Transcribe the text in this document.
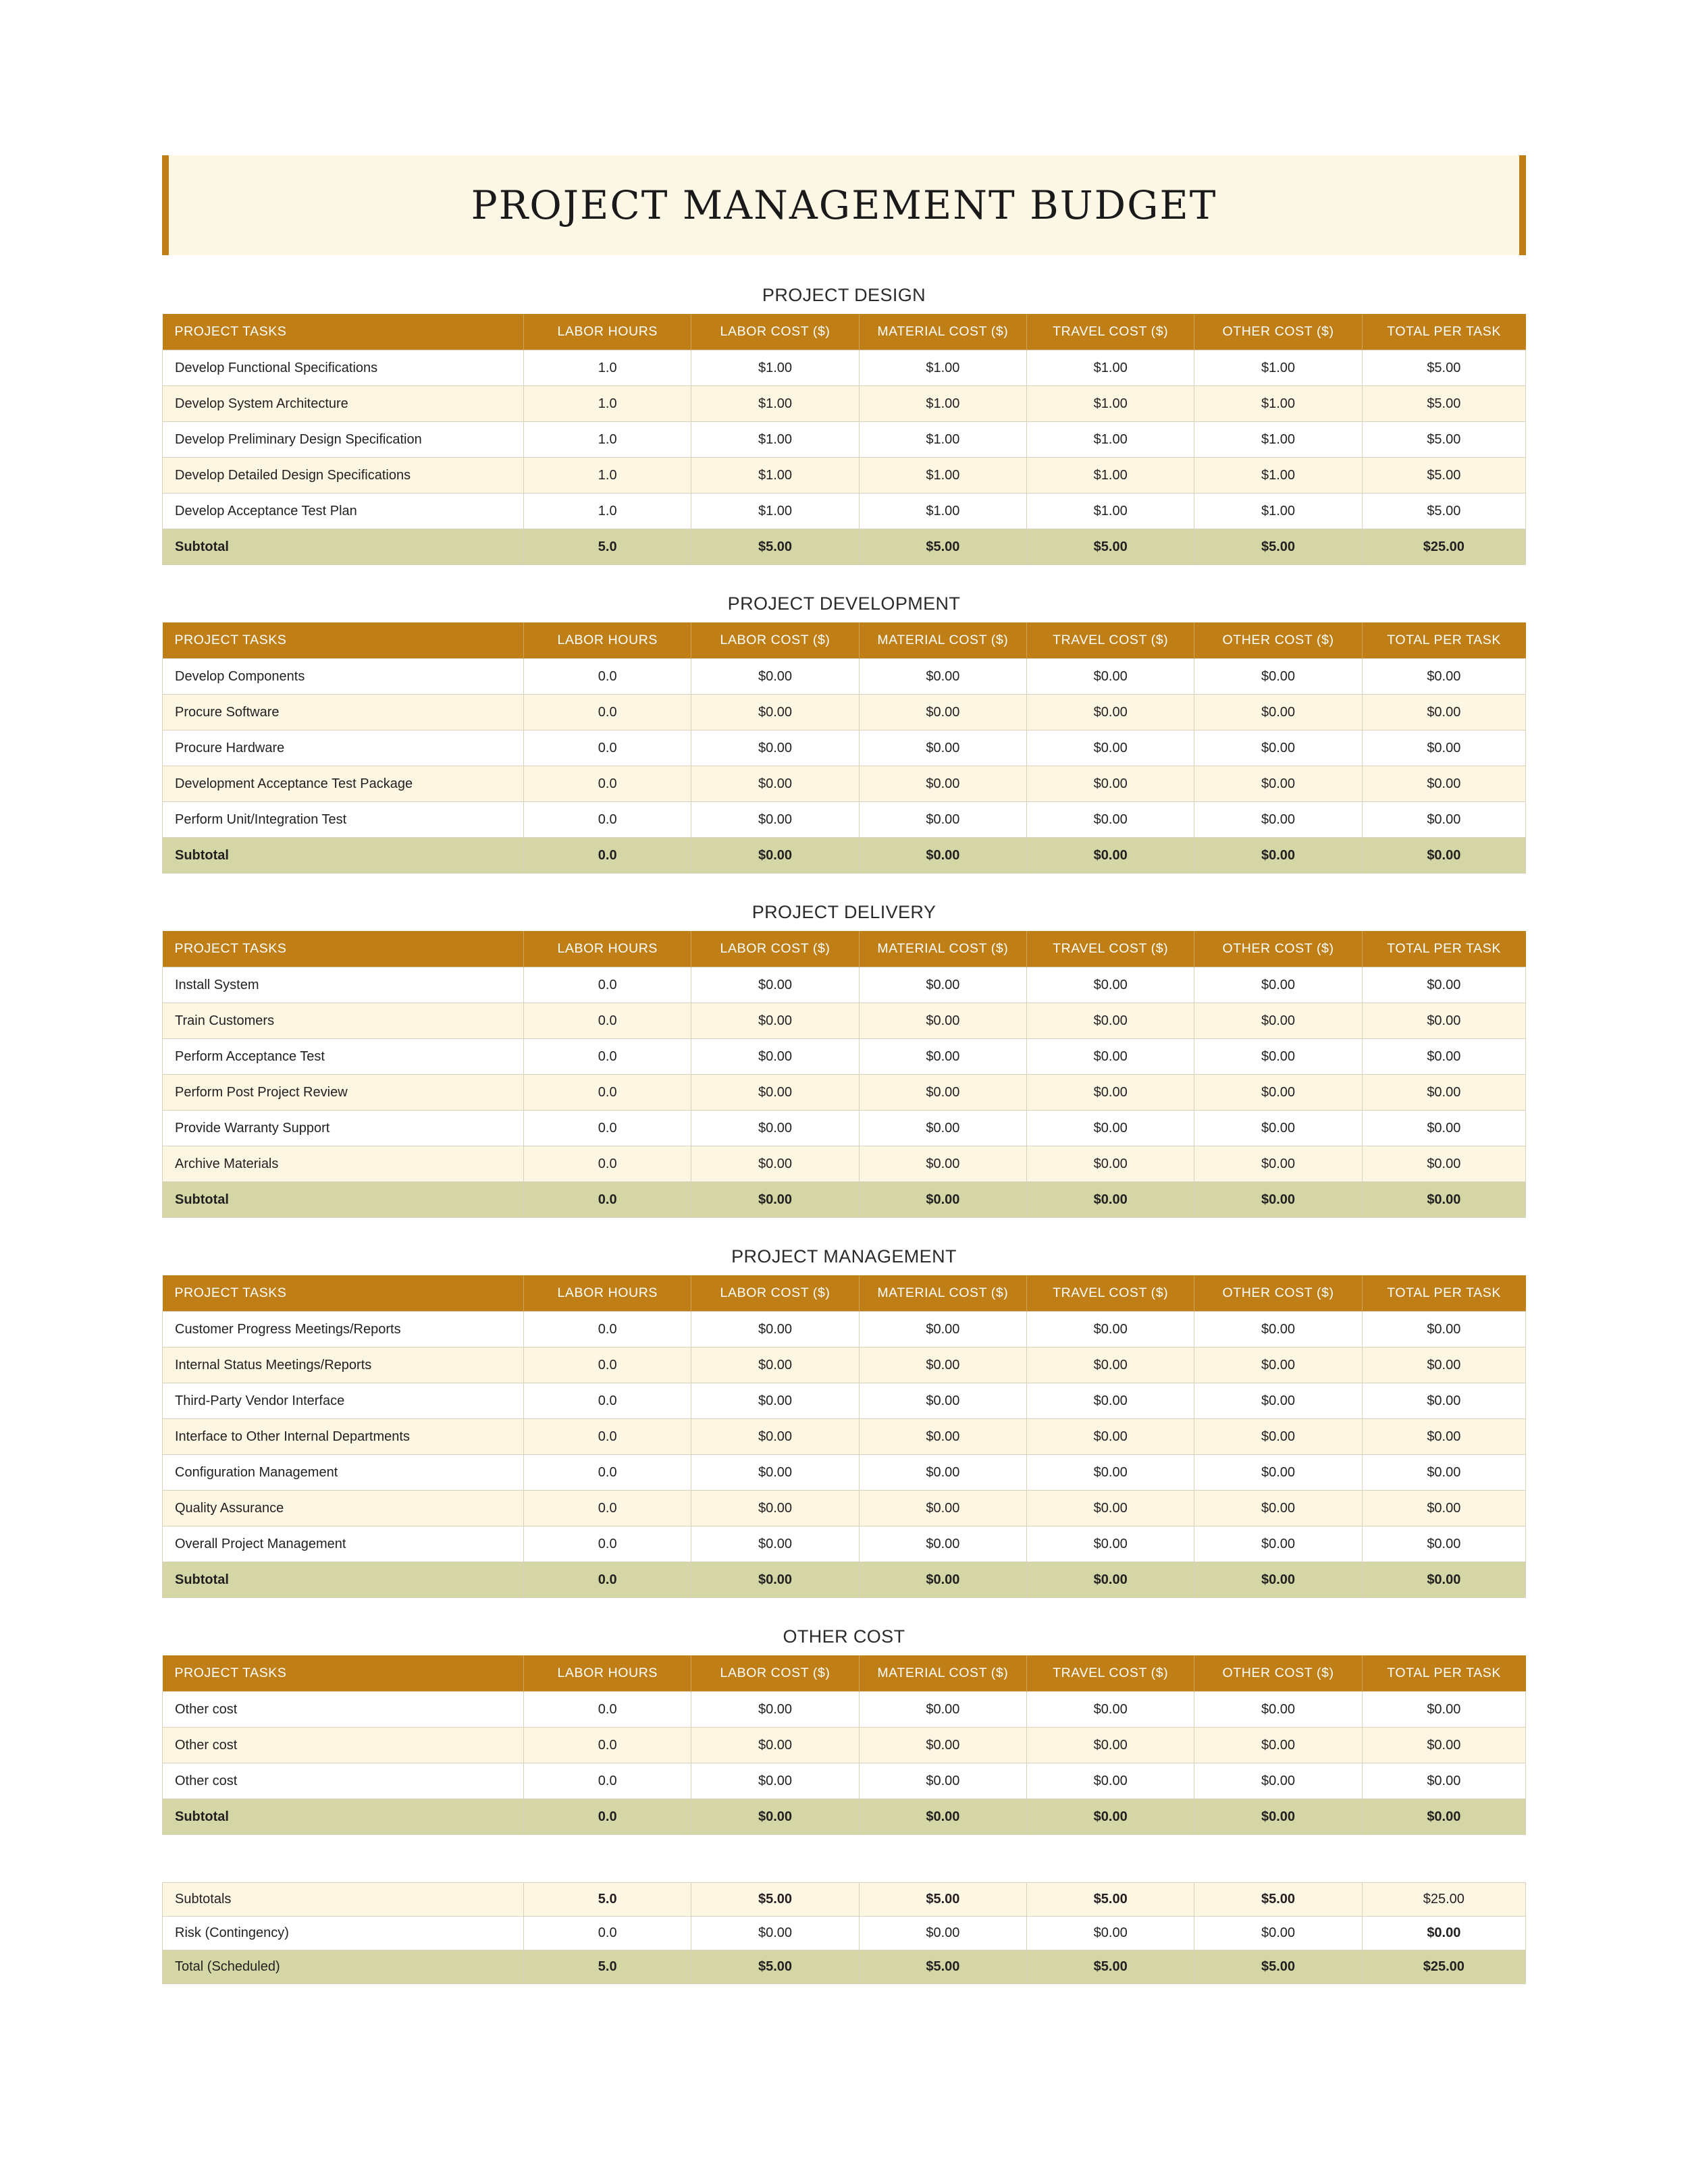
PROJECT MANAGEMENT BUDGET
PROJECT DESIGN
PROJECT TASKS	LABOR HOURS	LABOR COST ($)	MATERIAL COST ($)	TRAVEL COST ($)	OTHER COST ($)	TOTAL PER TASK
Develop Functional Specifications	1.0	$1.00	$1.00	$1.00	$1.00	$5.00
Develop System Architecture	1.0	$1.00	$1.00	$1.00	$1.00	$5.00
Develop Preliminary Design Specification	1.0	$1.00	$1.00	$1.00	$1.00	$5.00
Develop Detailed Design Specifications	1.0	$1.00	$1.00	$1.00	$1.00	$5.00
Develop Acceptance Test Plan	1.0	$1.00	$1.00	$1.00	$1.00	$5.00
Subtotal	5.0	$5.00	$5.00	$5.00	$5.00	$25.00
PROJECT DEVELOPMENT
PROJECT TASKS	LABOR HOURS	LABOR COST ($)	MATERIAL COST ($)	TRAVEL COST ($)	OTHER COST ($)	TOTAL PER TASK
Develop Components	0.0	$0.00	$0.00	$0.00	$0.00	$0.00
Procure Software	0.0	$0.00	$0.00	$0.00	$0.00	$0.00
Procure Hardware	0.0	$0.00	$0.00	$0.00	$0.00	$0.00
Development Acceptance Test Package	0.0	$0.00	$0.00	$0.00	$0.00	$0.00
Perform Unit/Integration Test	0.0	$0.00	$0.00	$0.00	$0.00	$0.00
Subtotal	0.0	$0.00	$0.00	$0.00	$0.00	$0.00
PROJECT DELIVERY
PROJECT TASKS	LABOR HOURS	LABOR COST ($)	MATERIAL COST ($)	TRAVEL COST ($)	OTHER COST ($)	TOTAL PER TASK
Install System	0.0	$0.00	$0.00	$0.00	$0.00	$0.00
Train Customers	0.0	$0.00	$0.00	$0.00	$0.00	$0.00
Perform Acceptance Test	0.0	$0.00	$0.00	$0.00	$0.00	$0.00
Perform Post Project Review	0.0	$0.00	$0.00	$0.00	$0.00	$0.00
Provide Warranty Support	0.0	$0.00	$0.00	$0.00	$0.00	$0.00
Archive Materials	0.0	$0.00	$0.00	$0.00	$0.00	$0.00
Subtotal	0.0	$0.00	$0.00	$0.00	$0.00	$0.00
PROJECT MANAGEMENT
PROJECT TASKS	LABOR HOURS	LABOR COST ($)	MATERIAL COST ($)	TRAVEL COST ($)	OTHER COST ($)	TOTAL PER TASK
Customer Progress Meetings/Reports	0.0	$0.00	$0.00	$0.00	$0.00	$0.00
Internal Status Meetings/Reports	0.0	$0.00	$0.00	$0.00	$0.00	$0.00
Third-Party Vendor Interface	0.0	$0.00	$0.00	$0.00	$0.00	$0.00
Interface to Other Internal Departments	0.0	$0.00	$0.00	$0.00	$0.00	$0.00
Configuration Management	0.0	$0.00	$0.00	$0.00	$0.00	$0.00
Quality Assurance	0.0	$0.00	$0.00	$0.00	$0.00	$0.00
Overall Project Management	0.0	$0.00	$0.00	$0.00	$0.00	$0.00
Subtotal	0.0	$0.00	$0.00	$0.00	$0.00	$0.00
OTHER COST
PROJECT TASKS	LABOR HOURS	LABOR COST ($)	MATERIAL COST ($)	TRAVEL COST ($)	OTHER COST ($)	TOTAL PER TASK
Other cost	0.0	$0.00	$0.00	$0.00	$0.00	$0.00
Other cost	0.0	$0.00	$0.00	$0.00	$0.00	$0.00
Other cost	0.0	$0.00	$0.00	$0.00	$0.00	$0.00
Subtotal	0.0	$0.00	$0.00	$0.00	$0.00	$0.00
Subtotals	5.0	$5.00	$5.00	$5.00	$5.00	$25.00
Risk (Contingency)	0.0	$0.00	$0.00	$0.00	$0.00	$0.00
Total (Scheduled)	5.0	$5.00	$5.00	$5.00	$5.00	$25.00
